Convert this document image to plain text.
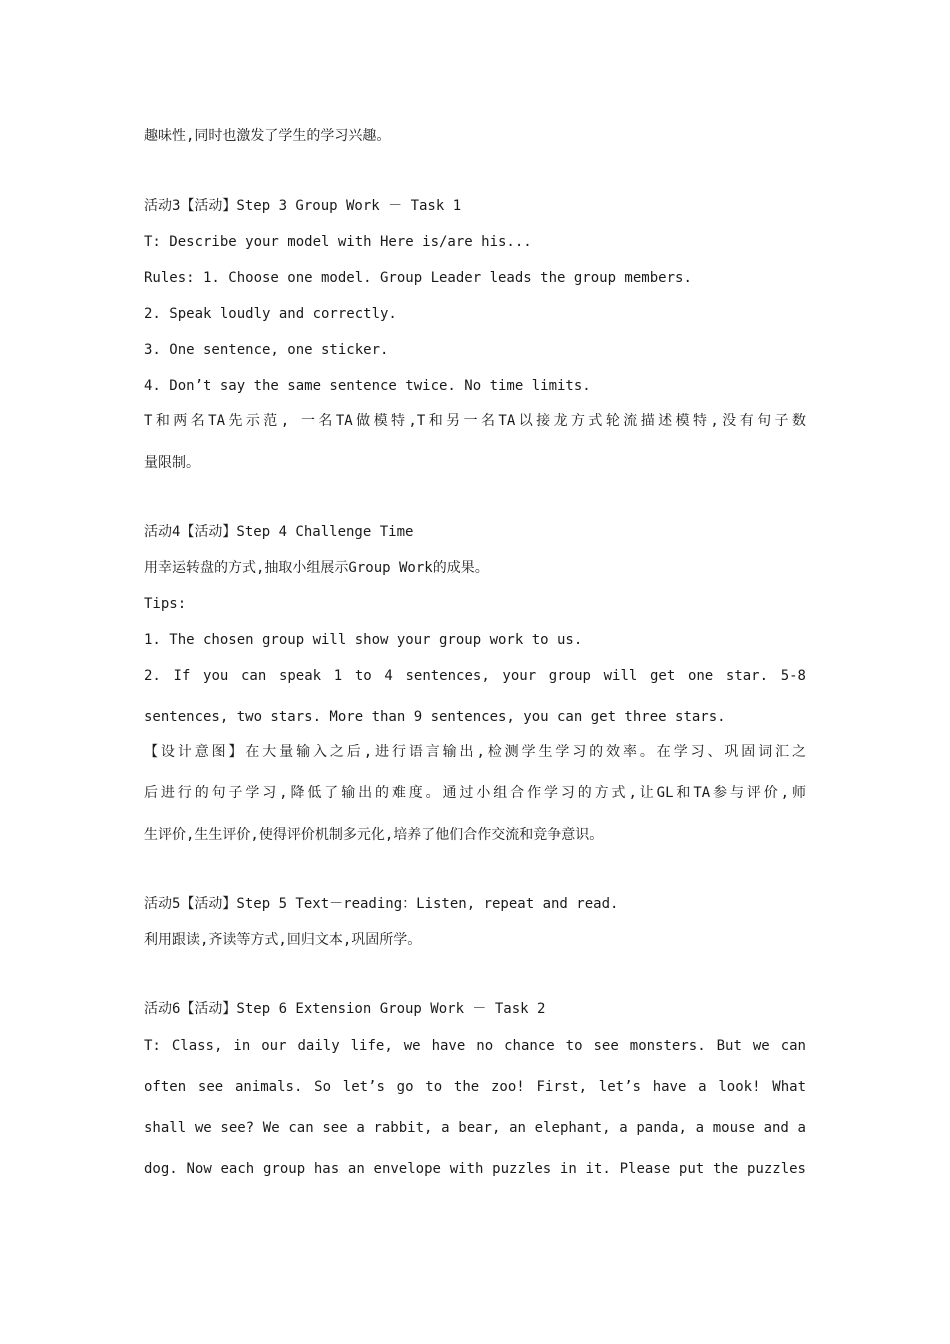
趣味性,同时也激发了学生的学习兴趣。
活动3【活动】Step 3 Group Work － Task 1
T: Describe your model with Here is/are his...
Rules: 1. Choose one model. Group Leader leads the group members.
2. Speak loudly and correctly.
3. One sentence, one sticker.
4. Don’t say the same sentence twice. No time limits.
T和两名TA先示范, 一名TA做模特,T和另一名TA以接龙方式轮流描述模特,没有句子数
量限制。
活动4【活动】Step 4 Challenge Time
用幸运转盘的方式,抽取小组展示Group Work的成果。
Tips:
1. The chosen group will show your group work to us.
2. If you can speak 1 to 4 sentences, your group will get one star. 5-8
sentences, two stars. More than 9 sentences, you can get three stars.
【设计意图】在大量输入之后,进行语言输出,检测学生学习的效率。在学习、巩固词汇之
后进行的句子学习,降低了输出的难度。通过小组合作学习的方式,让GL和TA参与评价,师
生评价,生生评价,使得评价机制多元化,培养了他们合作交流和竞争意识。
活动5【活动】Step 5 Text－reading：Listen, repeat and read.
利用跟读,齐读等方式,回归文本,巩固所学。
活动6【活动】Step 6 Extension Group Work － Task 2
T: Class, in our daily life, we have no chance to see monsters. But we can
often see animals. So let’s go to the zoo! First, let’s have a look! What
shall we see? We can see a rabbit, a bear, an elephant, a panda, a mouse and a
dog. Now each group has an envelope with puzzles in it. Please put the puzzles
